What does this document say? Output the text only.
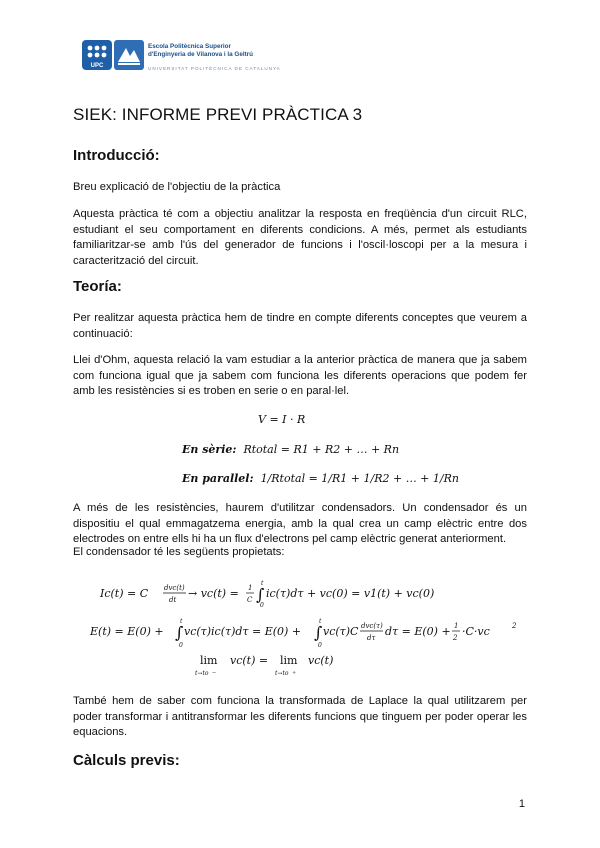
UPC
Escola Politècnica Superior
d'Enginyeria de Vilanova i la Geltrú
UNIVERSITAT POLITÈCNICA DE CATALUNYA
SIEK: INFORME PREVI PRÀCTICA 3
Introducció:

Breu explicació de l'objectiu de la pràctica

Aquesta pràctica té com a objectiu analitzar la resposta en freqüència d'un circuit RLC, estudiant el seu comportament en diferents condicions. A més, permet als estudiants familiaritzar-se amb l'ús del generador de funcions i l'oscil·loscopi per a la mesura i caracterització del circuit.

Teoría:

Per realitzar aquesta pràctica hem de tindre en compte diferents conceptes que veurem a continuació:

Llei d'Ohm, aquesta relació la vam estudiar a la anterior pràctica de manera que ja sabem com funciona igual que ja sabem com funciona les diferents operacions que podem fer amb les resistències si es troben en serie o en paral·lel.

V = I · R
En sèrie: Rtotal = R1 + R2 + … + Rn
En parallel: 1/Rtotal = 1/R1 + 1/R2 + … + 1/Rn

A més de les resistències, haurem d'utilitzar condensadors. Un condensador és un dispositiu el qual emmagatzema energia, amb la qual crea un camp elèctric entre dos electrodes on entre ells hi ha un flux d'electrons pel camp elèctric generat anteriorment.

El condensador té les següents propietats:

Ic(t) = C dvc(t)
dt → vc(t) = 1
C ∫
t
0
ic(τ)dτ + vc(0) = v1(t) + vc(0)
E(t) = E(0) + ∫
t
0
vc(τ)ic(τ)dτ = E(0) + ∫
t
0
vc(τ)C dvc(τ)
dτ dτ = E(0) + 1
2 ·C·vc	2
lim
t→to −
vc(t) = lim
t→to +
vc(t)

També hem de saber com funciona la transformada de Laplace la qual utilitzarem per poder transformar i antitransformar les diferents funcions que tinguem per poder operar les equacions.

Càlculs previs:
1
